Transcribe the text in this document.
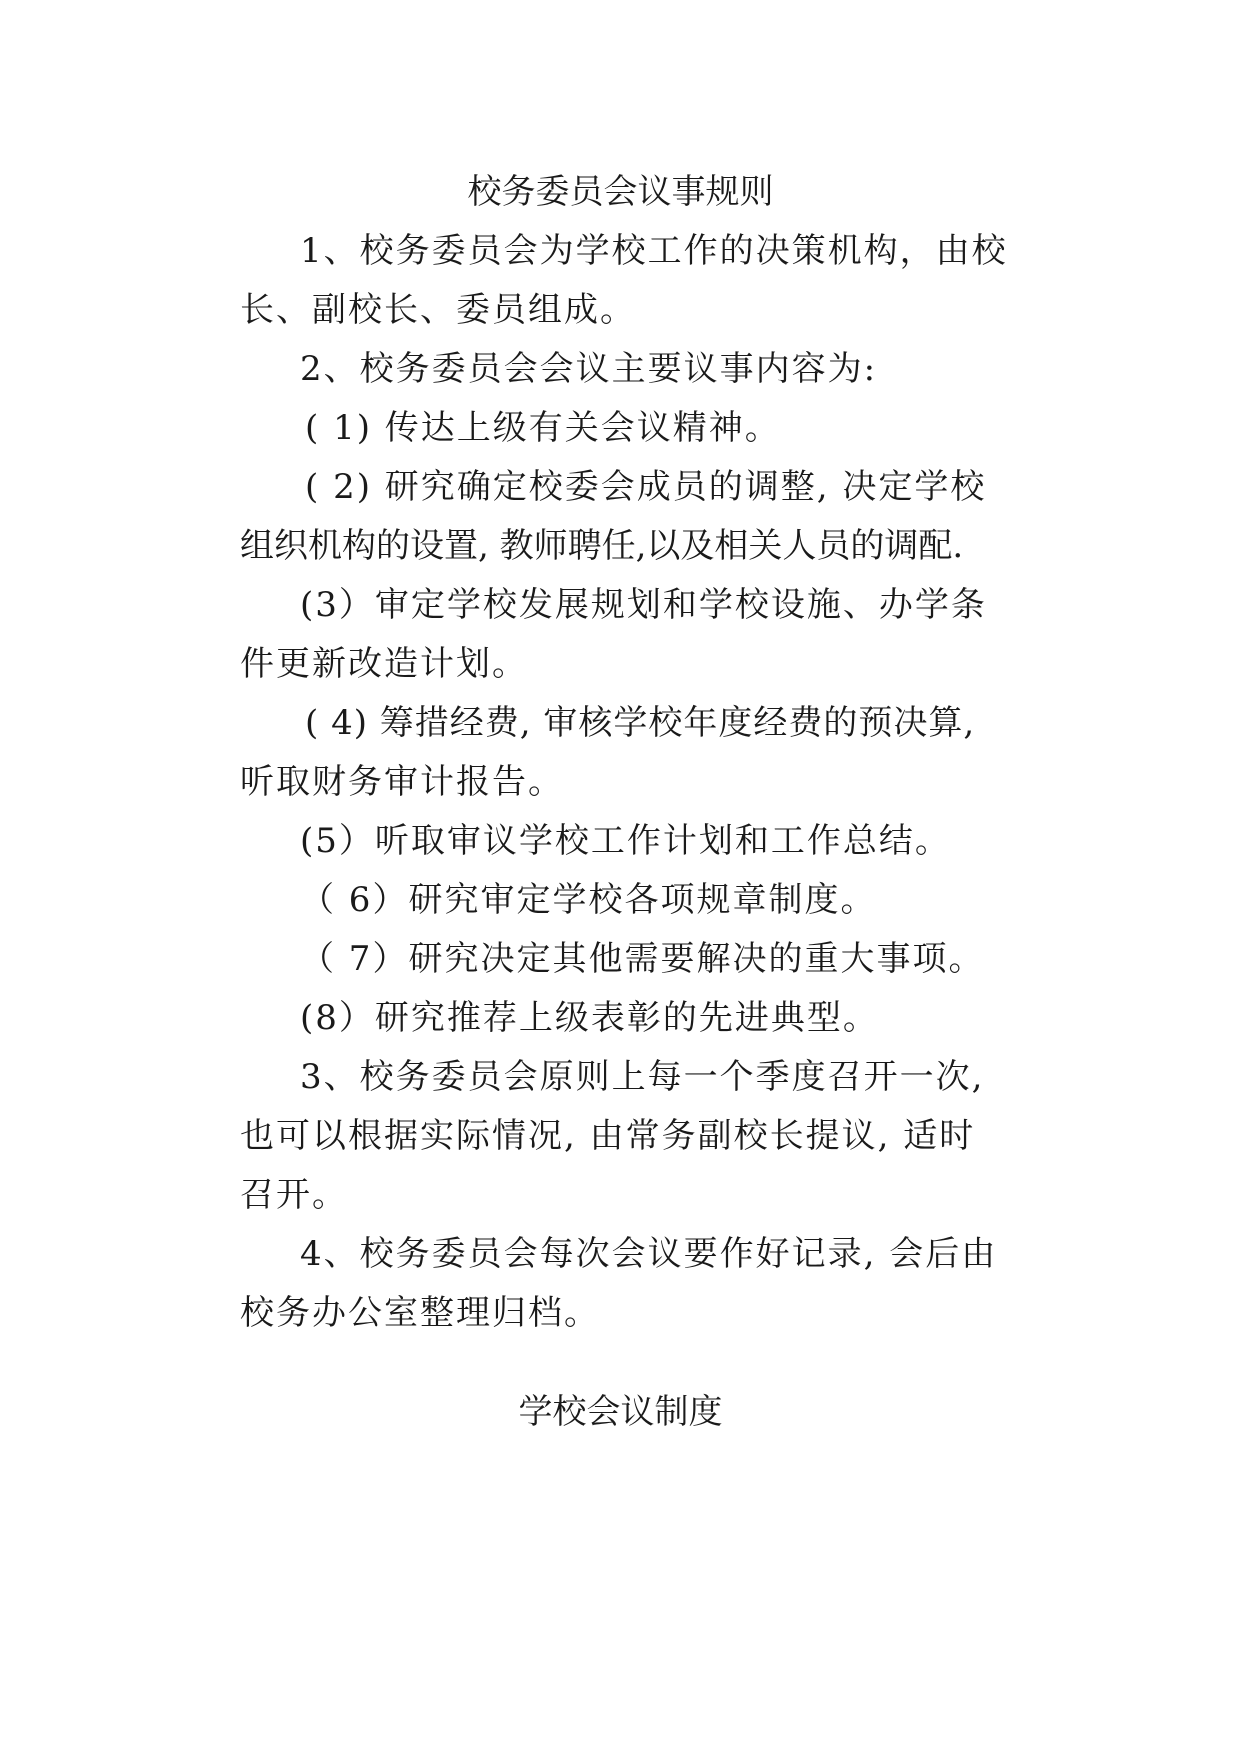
校务委员会议事规则
1、校务委员会为学校工作的决策机构，由校
长、副校长、委员组成。
2、校务委员会会议主要议事内容为:
( 1) 传达上级有关会议精神。
( 2) 研究确定校委会成员的调整, 决定学校
组织机构的设置, 教师聘任,以及相关人员的调配.
(3）审定学校发展规划和学校设施、办学条
件更新改造计划。
( 4) 筹措经费, 审核学校年度经费的预决算,
听取财务审计报告。
(5）听取审议学校工作计划和工作总结。
（ 6）研究审定学校各项规章制度。
（ 7）研究决定其他需要解决的重大事项。
(8）研究推荐上级表彰的先进典型。
3、校务委员会原则上每一个季度召开一次,
也可以根据实际情况, 由常务副校长提议, 适时
召开。
4、校务委员会每次会议要作好记录, 会后由
校务办公室整理归档。
学校会议制度
